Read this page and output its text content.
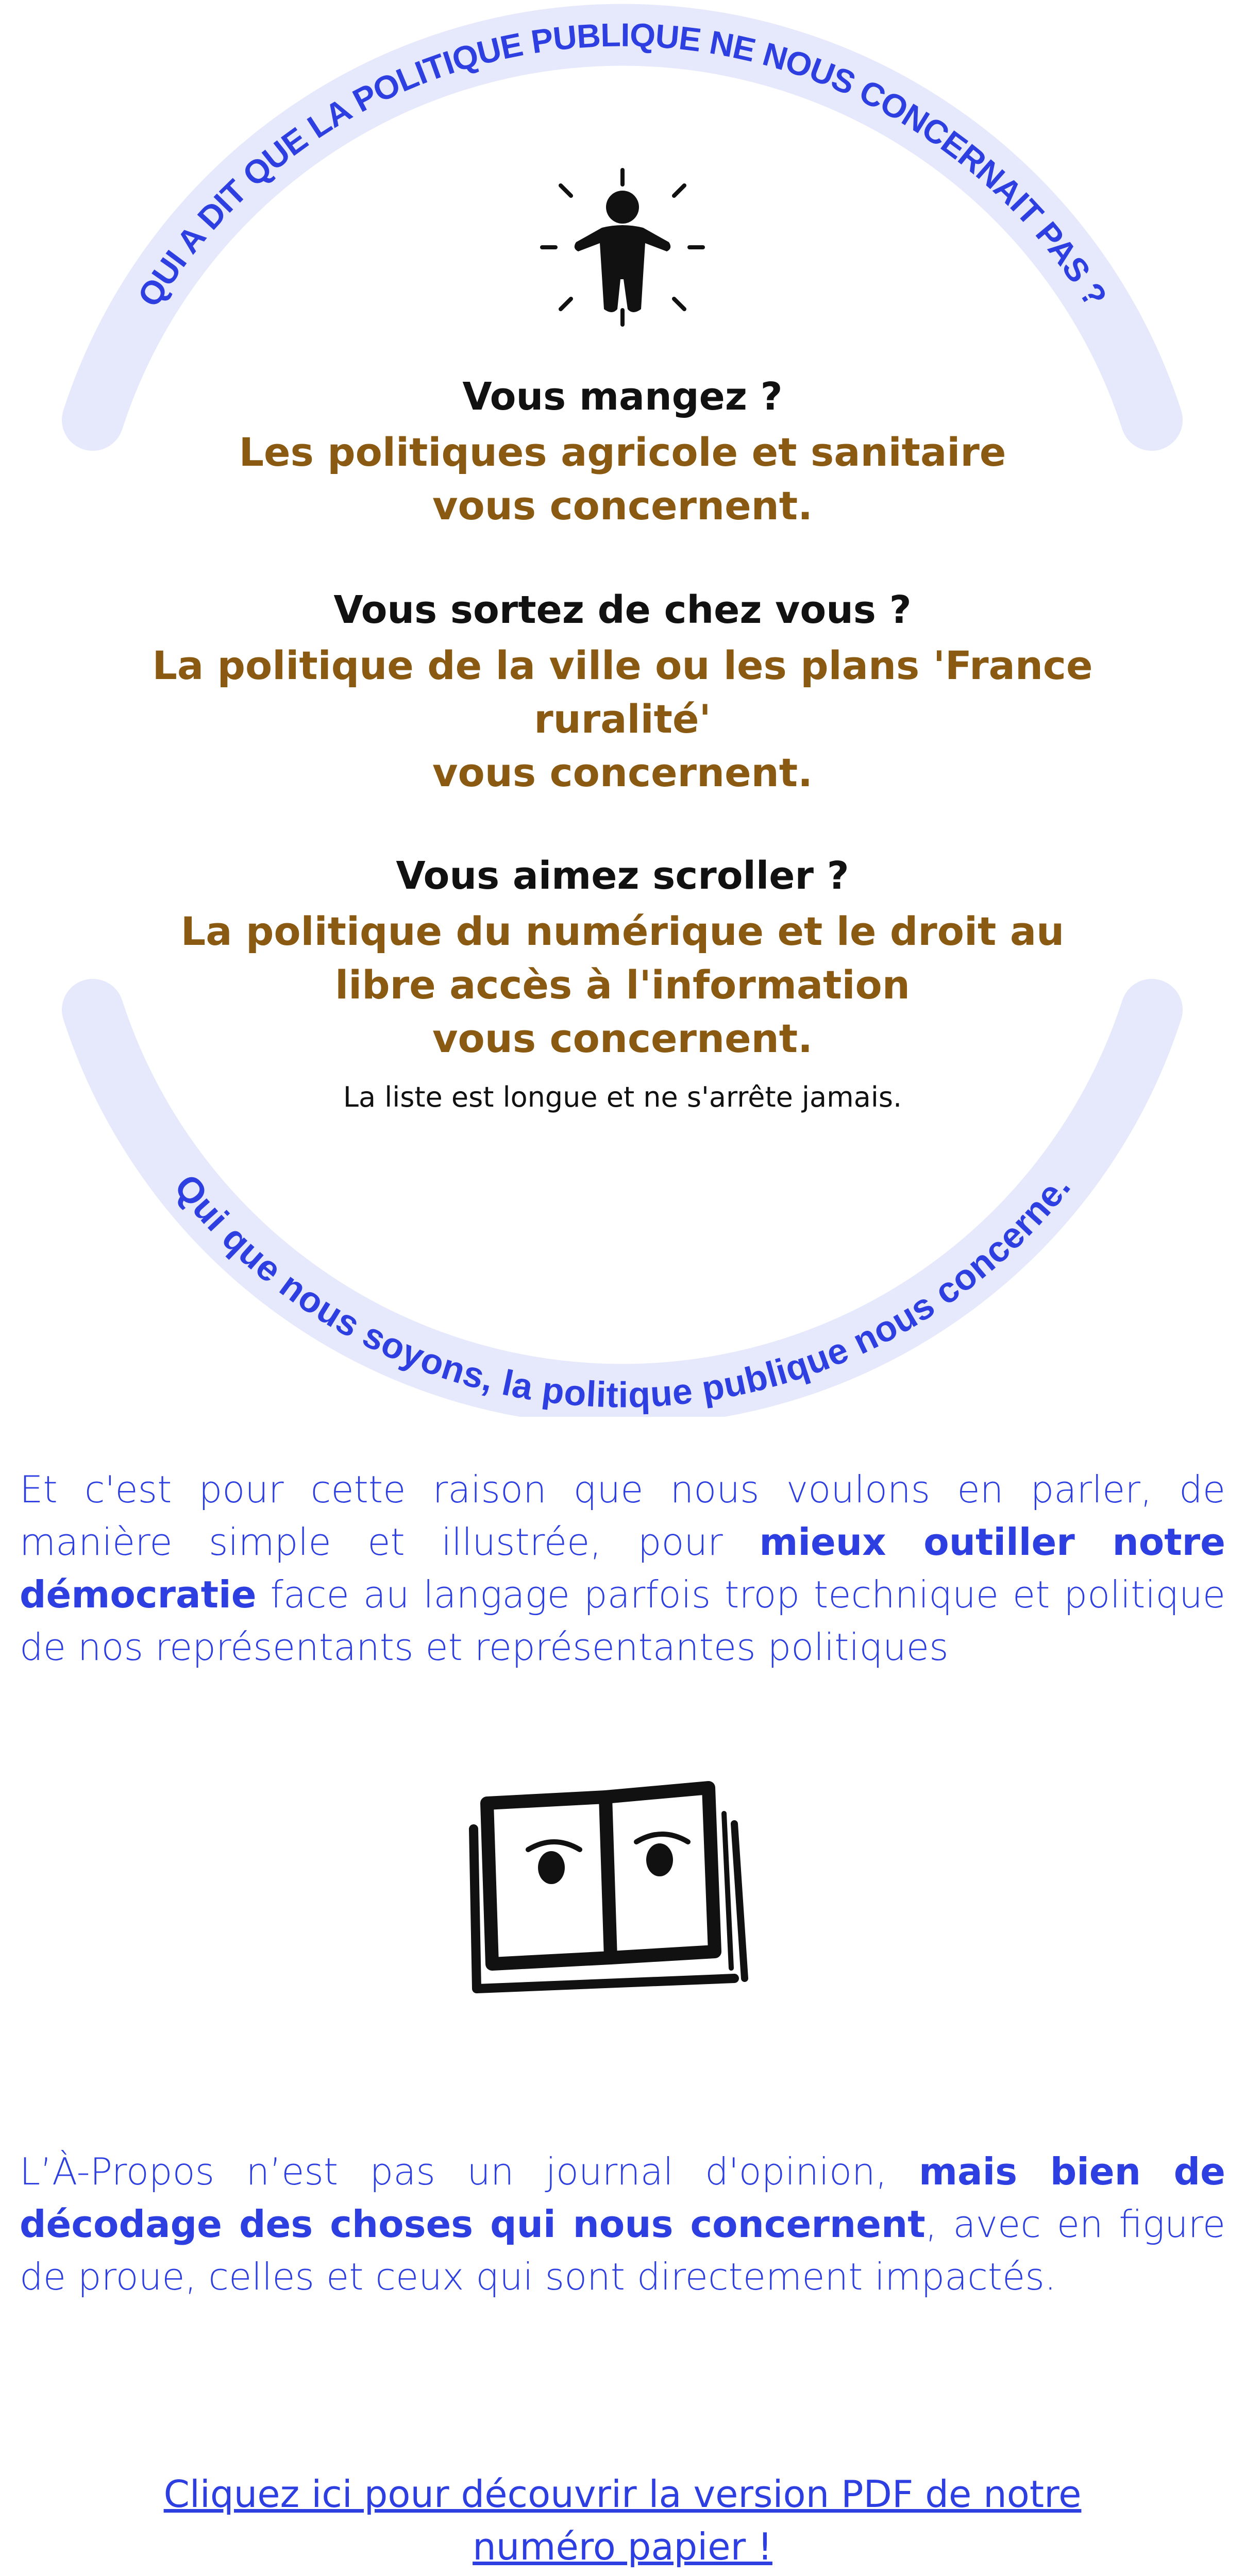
QUI A DIT QUE LA POLITIQUE PUBLIQUE NE NOUS CONCERNAIT PAS ?
Vous mangez ?
Les politiques agricole et sanitaire
vous concernent.
Vous sortez de chez vous ?
La politique de la ville ou les plans 'France
ruralité'
vous concernent.
Vous aimez scroller ?
La politique du numérique et le droit au
libre accès à l'information
vous concernent.
La liste est longue et ne s'arrête jamais.
Qui que nous soyons, la politique publique nous concerne.
Et c'est pour cette raison que nous voulons en parler, de manière simple et illustrée, pour mieux outiller notre démocratie face au langage parfois trop technique et politique de nos représentants et représentantes politiques
L’À-Propos n’est pas un journal d'opinion, mais bien de décodage des choses qui nous concernent, avec en figure de proue, celles et ceux qui sont directement impactés.
Cliquez ici pour découvrir la version PDF de notre
numéro papier !
